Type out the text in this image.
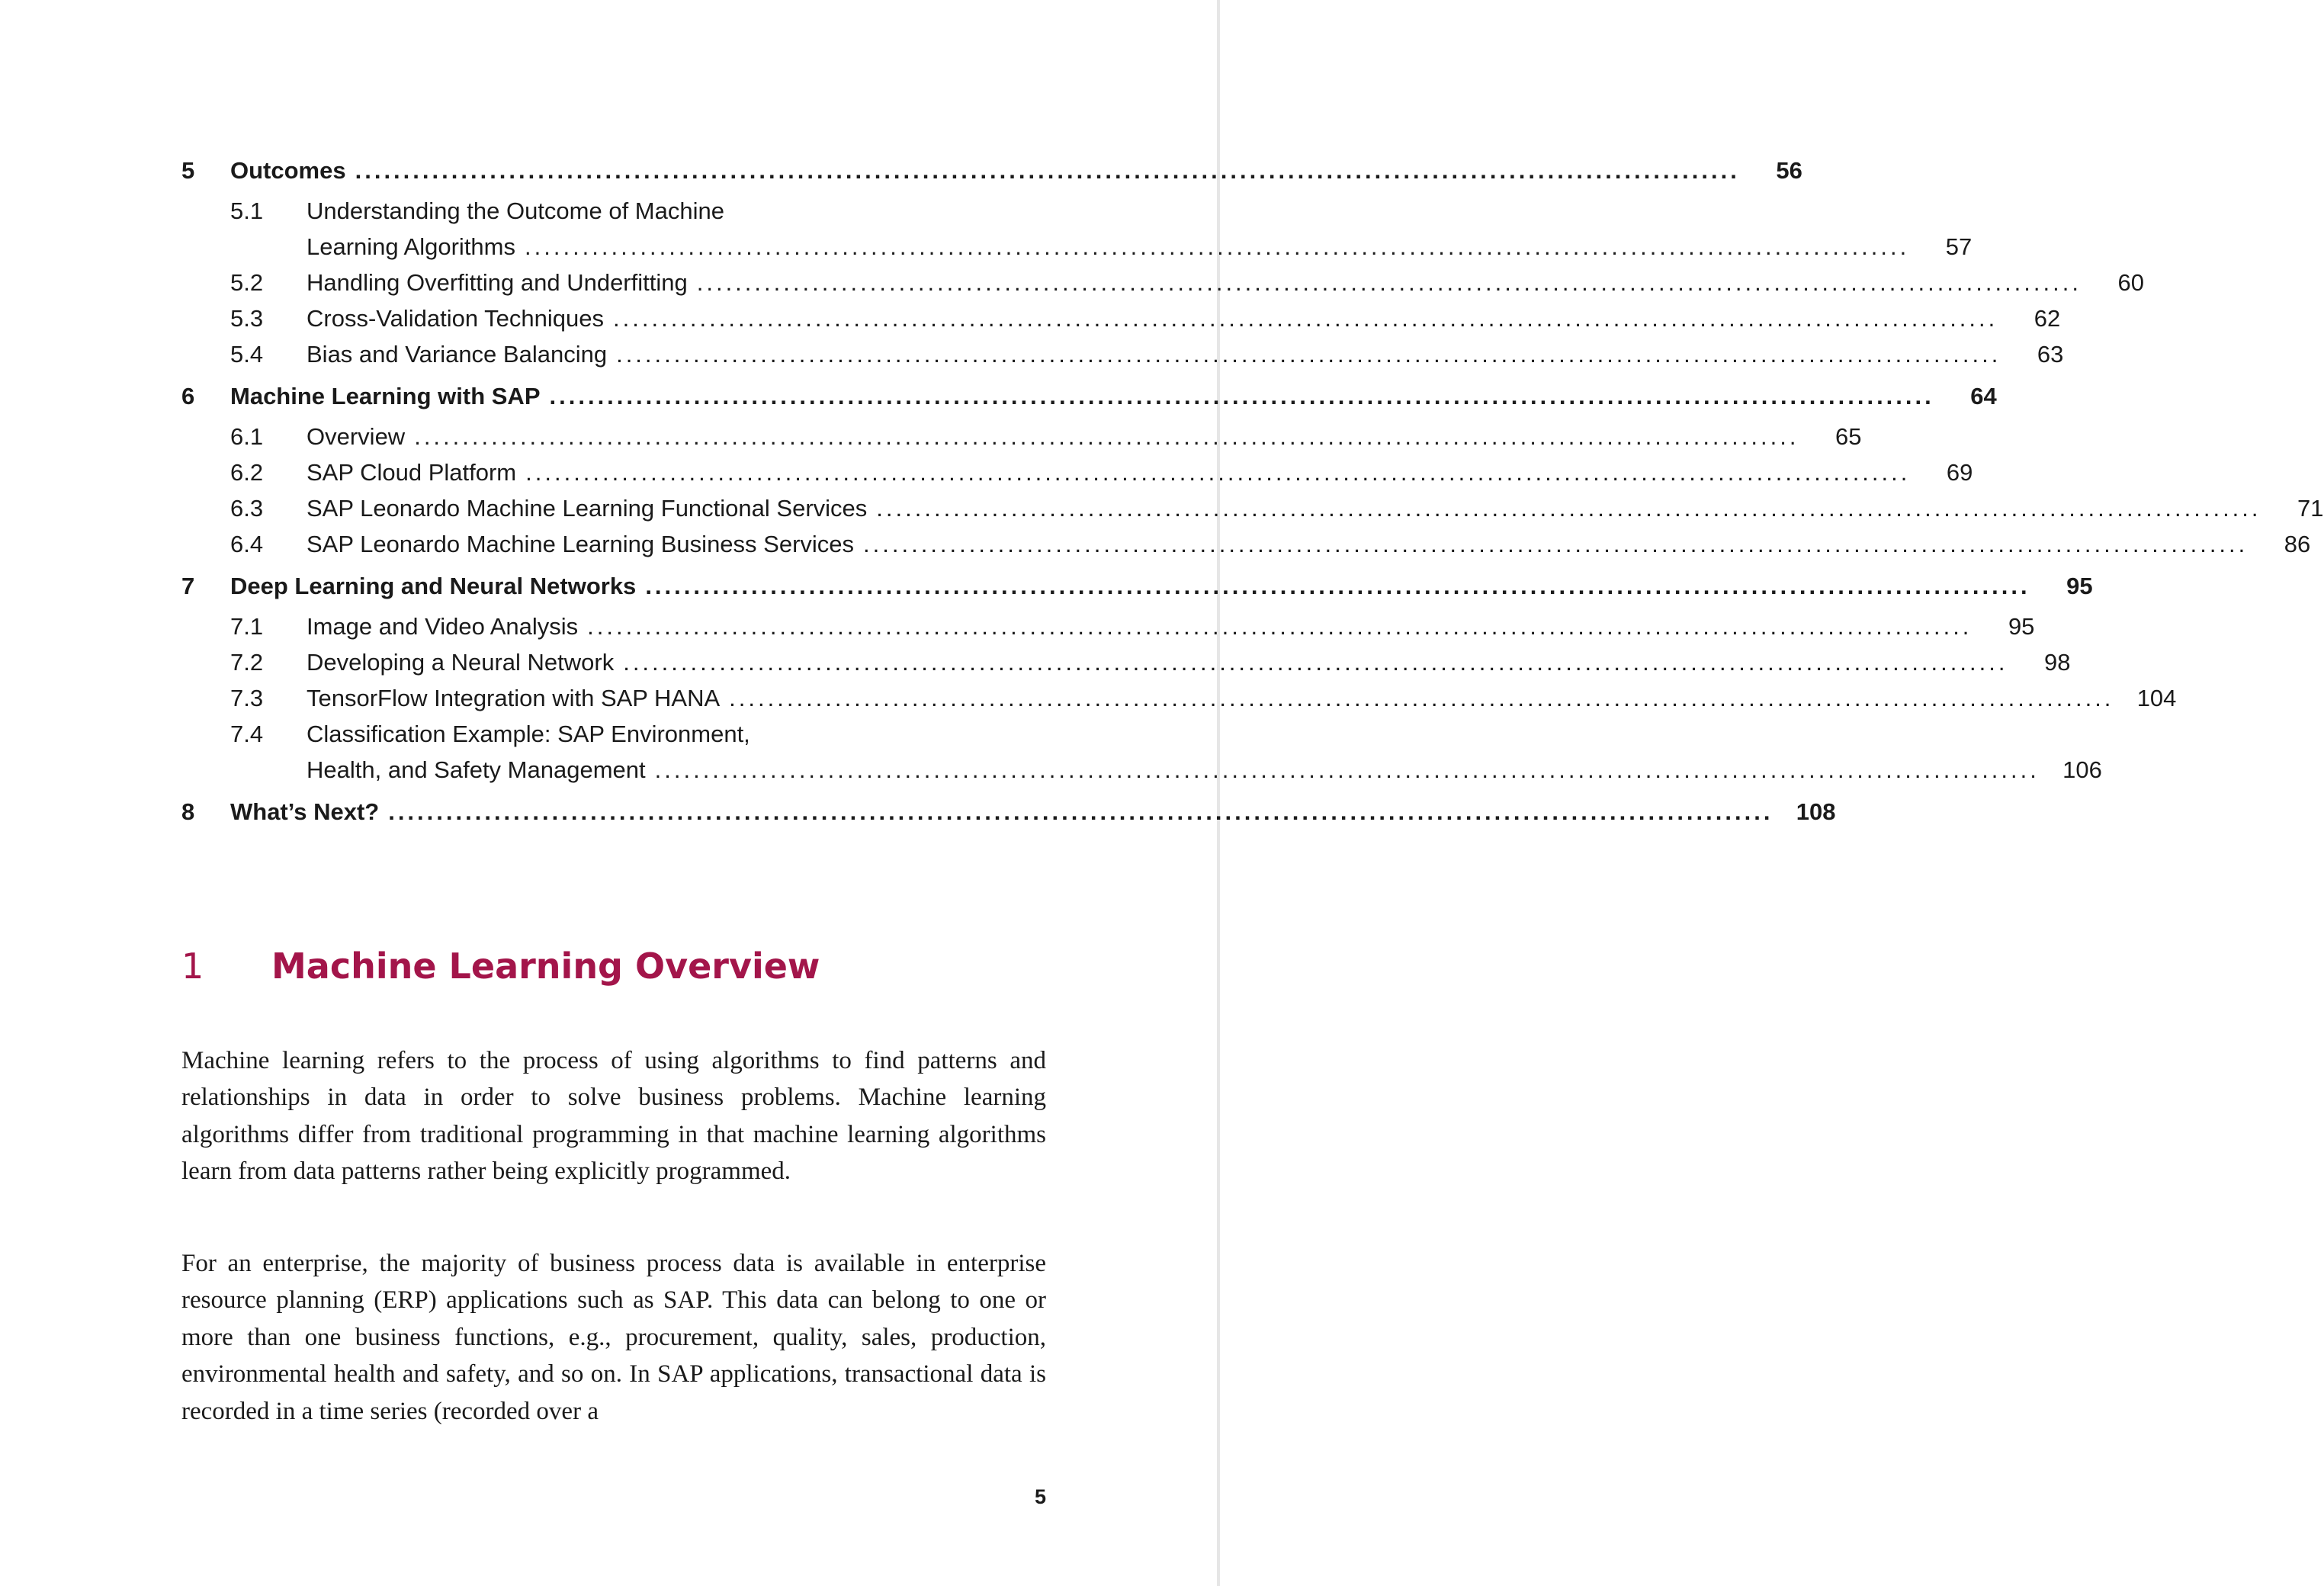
5	Outcomes ................................................................................................................................................	56
5.1	Understanding the Outcome of Machine
Learning Algorithms ................................................................................................................................................	57
5.2	Handling Overfitting and Underfitting ................................................................................................................................................	60
5.3	Cross-Validation Techniques ................................................................................................................................................	62
5.4	Bias and Variance Balancing ................................................................................................................................................	63
6	Machine Learning with SAP ................................................................................................................................................	64
6.1	Overview ................................................................................................................................................	65
6.2	SAP Cloud Platform ................................................................................................................................................	69
6.3	SAP Leonardo Machine Learning Functional Services ................................................................................................................................................	71
6.4	SAP Leonardo Machine Learning Business Services ................................................................................................................................................	86
7	Deep Learning and Neural Networks ................................................................................................................................................	95
7.1	Image and Video Analysis ................................................................................................................................................	95
7.2	Developing a Neural Network ................................................................................................................................................	98
7.3	TensorFlow Integration with SAP HANA ................................................................................................................................................ 104
7.4	Classification Example: SAP Environment,
Health, and Safety Management ................................................................................................................................................ 106
8	What’s Next? ................................................................................................................................................ 108
1	Machine Learning Overview

Machine learning refers to the process of using algorithms to find patterns and relationships in data in order to solve business problems. Machine learning algorithms differ from traditional programming in that machine learning algorithms learn from data patterns rather being explicitly programmed.

For an enterprise, the majority of business process data is available in enterprise resource planning (ERP) applications such as SAP. This data can belong to one or more than one business functions, e.g., procurement, quality, sales, production, environmental health and safety, and so on. In SAP applications, transactional data is recorded in a time series (recorded over a

5
